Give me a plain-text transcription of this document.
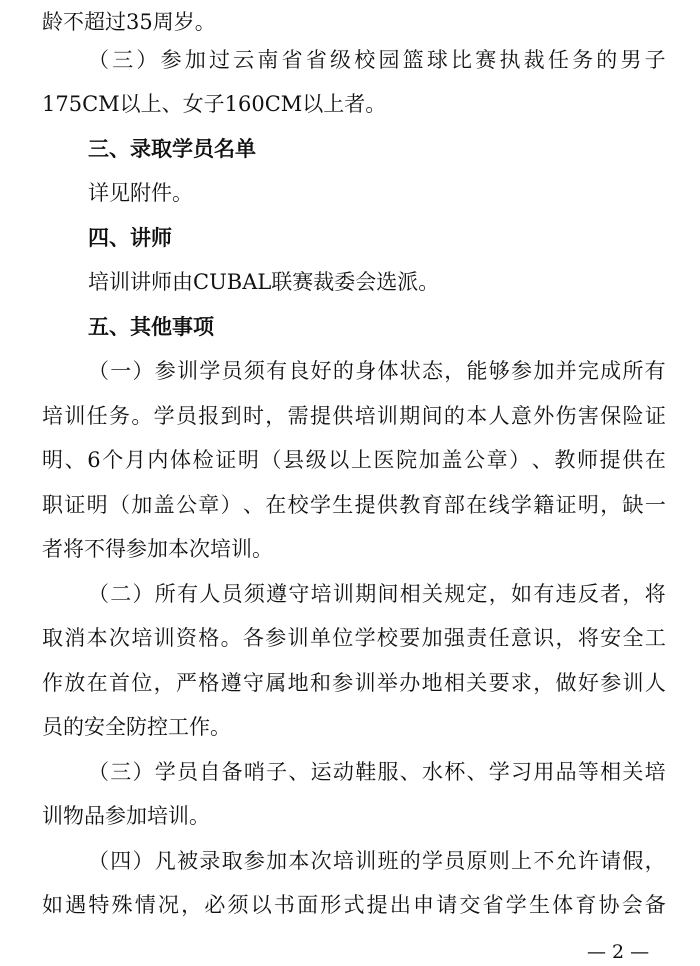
龄不超过35周岁。
（ 三 ） 参 加 过 云 南 省 省 级 校 园 篮 球 比 赛 执 裁 任 务 的 男 子
175CM以上、女子160CM以上者。
三、录取学员名单
详见附件。
四、讲师
培训讲师由CUBAL联赛裁委会选派。
五、其他事项
（ 一 ） 参 训 学 员 须 有 良 好 的 身 体 状 态 ， 能 够 参 加 并 完 成 所 有
培 训 任 务 。 学 员 报 到 时 ， 需 提 供 培 训 期 间 的 本 人 意 外 伤 害 保 险 证
明 、 6 个 月 内 体 检 证 明 （ 县 级 以 上 医 院 加 盖 公 章 ） 、 教 师 提 供 在
职 证 明 （ 加 盖 公 章 ） 、 在 校 学 生 提 供 教 育 部 在 线 学 籍 证 明 ， 缺 一
者将不得参加本次培训。
（ 二 ） 所 有 人 员 须 遵 守 培 训 期 间 相 关 规 定 ， 如 有 违 反 者 ， 将
取 消 本 次 培 训 资 格 。 各 参 训 单 位 学 校 要 加 强 责 任 意 识 ， 将 安 全 工
作 放 在 首 位 ， 严 格 遵 守 属 地 和 参 训 举 办 地 相 关 要 求 ， 做 好 参 训 人
员的安全防控工作。
（ 三 ） 学 员 自 备 哨 子 、 运 动 鞋 服 、 水 杯 、 学 习 用 品 等 相 关 培
训物品参加培训。
（ 四 ） 凡 被 录 取 参 加 本 次 培 训 班 的 学 员 原 则 上 不 允 许 请 假 ，
如 遇 特 殊 情 况 ， 必 须 以 书 面 形 式 提 出 申 请 交 省 学 生 体 育 协 会 备
— 2 —
